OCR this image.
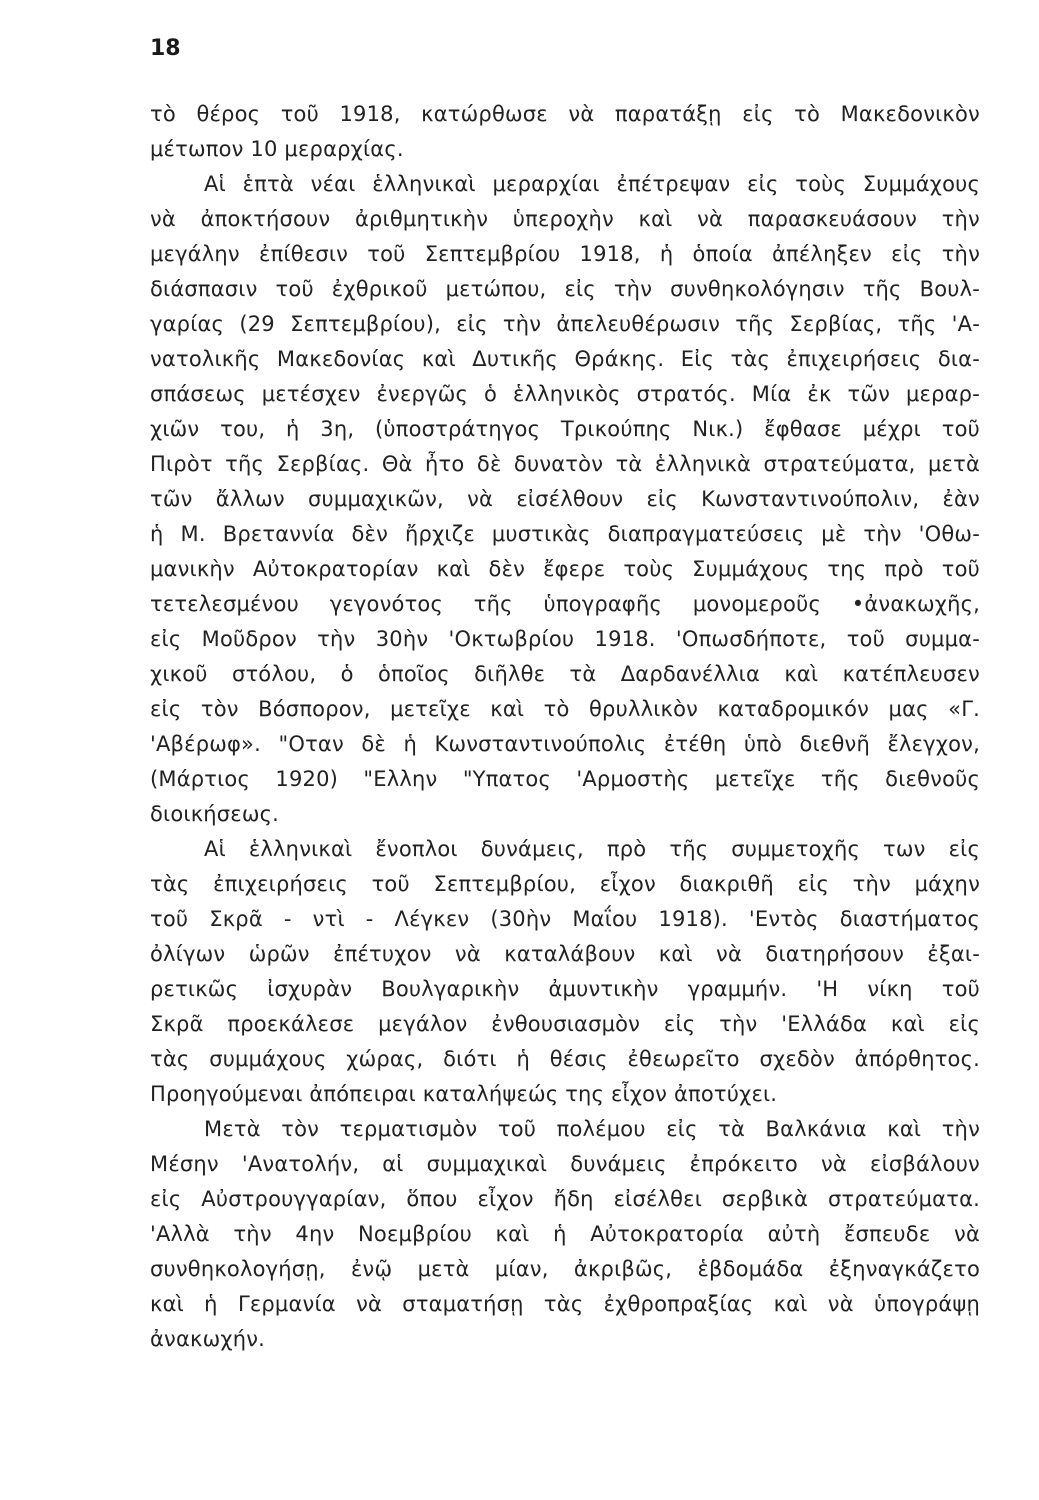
18
τὸ θέρος τοῦ 1918, κατώρθωσε νὰ παρατάξῃ εἰς τὸ Μακεδονικὸν
μέτωπον 10 μεραρχίας.
Αἱ ἑπτὰ νέαι ἑλληνικαὶ μεραρχίαι ἐπέτρεψαν εἰς τοὺς Συμμάχους
νὰ ἀποκτήσουν ἀριθμητικὴν ὑπεροχὴν καὶ νὰ παρασκευάσουν τὴν
μεγάλην ἐπίθεσιν τοῦ Σεπτεμβρίου 1918, ἡ ὁποία ἀπέληξεν εἰς τὴν
διάσπασιν τοῦ ἐχθρικοῦ μετώπου, εἰς τὴν συνθηκολόγησιν τῆς Βουλ-
γαρίας (29 Σεπτεμβρίου), εἰς τὴν ἀπελευθέρωσιν τῆς Σερβίας, τῆς 'Α-
νατολικῆς Μακεδονίας καὶ Δυτικῆς Θράκης. Εἰς τὰς ἐπιχειρήσεις δια-
σπάσεως μετέσχεν ἐνεργῶς ὁ ἑλληνικὸς στρατός. Μία ἐκ τῶν μεραρ-
χιῶν του, ἡ 3η, (ὑποστράτηγος Τρικούπης Νικ.) ἔφθασε μέχρι τοῦ
Πιρὸτ τῆς Σερβίας. Θὰ ἦτο δὲ δυνατὸν τὰ ἑλληνικὰ στρατεύματα, μετὰ
τῶν ἄλλων συμμαχικῶν, νὰ εἰσέλθουν εἰς Κωνσταντινούπολιν, ἐὰν
ἡ Μ. Βρεταννία δὲν ἤρχιζε μυστικὰς διαπραγματεύσεις μὲ τὴν 'Οθω-
μανικὴν Αὐτοκρατορίαν καὶ δὲν ἔφερε τοὺς Συμμάχους της πρὸ τοῦ
τετελεσμένου γεγονότος τῆς ὑπογραφῆς μονομεροῦς •ἀνακωχῆς,
εἰς Μοῦδρον τὴν 30ὴν 'Οκτωβρίου 1918. 'Οπωσδήποτε, τοῦ συμμα-
χικοῦ στόλου, ὁ ὁποῖος διῆλθε τὰ Δαρδανέλλια καὶ κατέπλευσεν
εἰς τὸν Βόσπορον, μετεῖχε καὶ τὸ θρυλλικὸν καταδρομικόν μας «Γ.
'Αβέρωφ». "Οταν δὲ ἡ Κωνσταντινούπολις ἐτέθη ὑπὸ διεθνῆ ἔλεγχον,
(Μάρτιος 1920) "Ελλην "Υπατος 'Αρμοστὴς μετεῖχε τῆς διεθνοῦς
διοικήσεως.
Αἱ ἑλληνικαὶ ἔνοπλοι δυνάμεις, πρὸ τῆς συμμετοχῆς των εἰς
τὰς ἐπιχειρήσεις τοῦ Σεπτεμβρίου, εἶχον διακριθῆ εἰς τὴν μάχην
τοῦ Σκρᾶ - ντὶ - Λέγκεν (30ὴν Μαΐου 1918). 'Εντὸς διαστήματος
ὀλίγων ὡρῶν ἐπέτυχον νὰ καταλάβουν καὶ νὰ διατηρήσουν ἐξαι-
ρετικῶς ἰσχυρὰν Βουλγαρικὴν ἀμυντικὴν γραμμήν. 'Η νίκη τοῦ
Σκρᾶ προεκάλεσε μεγάλον ἐνθουσιασμὸν εἰς τὴν 'Ελλάδα καὶ εἰς
τὰς συμμάχους χώρας, διότι ἡ θέσις ἐθεωρεῖτο σχεδὸν ἀπόρθητος.
Προηγούμεναι ἀπόπειραι καταλήψεώς της εἶχον ἀποτύχει.
Μετὰ τὸν τερματισμὸν τοῦ πολέμου εἰς τὰ Βαλκάνια καὶ τὴν
Μέσην 'Ανατολήν, αἱ συμμαχικαὶ δυνάμεις ἐπρόκειτο νὰ εἰσβάλουν
εἰς Αὐστρουγγαρίαν, ὅπου εἶχον ἤδη εἰσέλθει σερβικὰ στρατεύματα.
'Αλλὰ τὴν 4ην Νοεμβρίου καὶ ἡ Αὐτοκρατορία αὐτὴ ἔσπευδε νὰ
συνθηκολογήσῃ, ἐνῷ μετὰ μίαν, ἀκριβῶς, ἑβδομάδα ἐξηναγκάζετο
καὶ ἡ Γερμανία νὰ σταματήσῃ τὰς ἐχθροπραξίας καὶ νὰ ὑπογράψῃ
ἀνακωχήν.
